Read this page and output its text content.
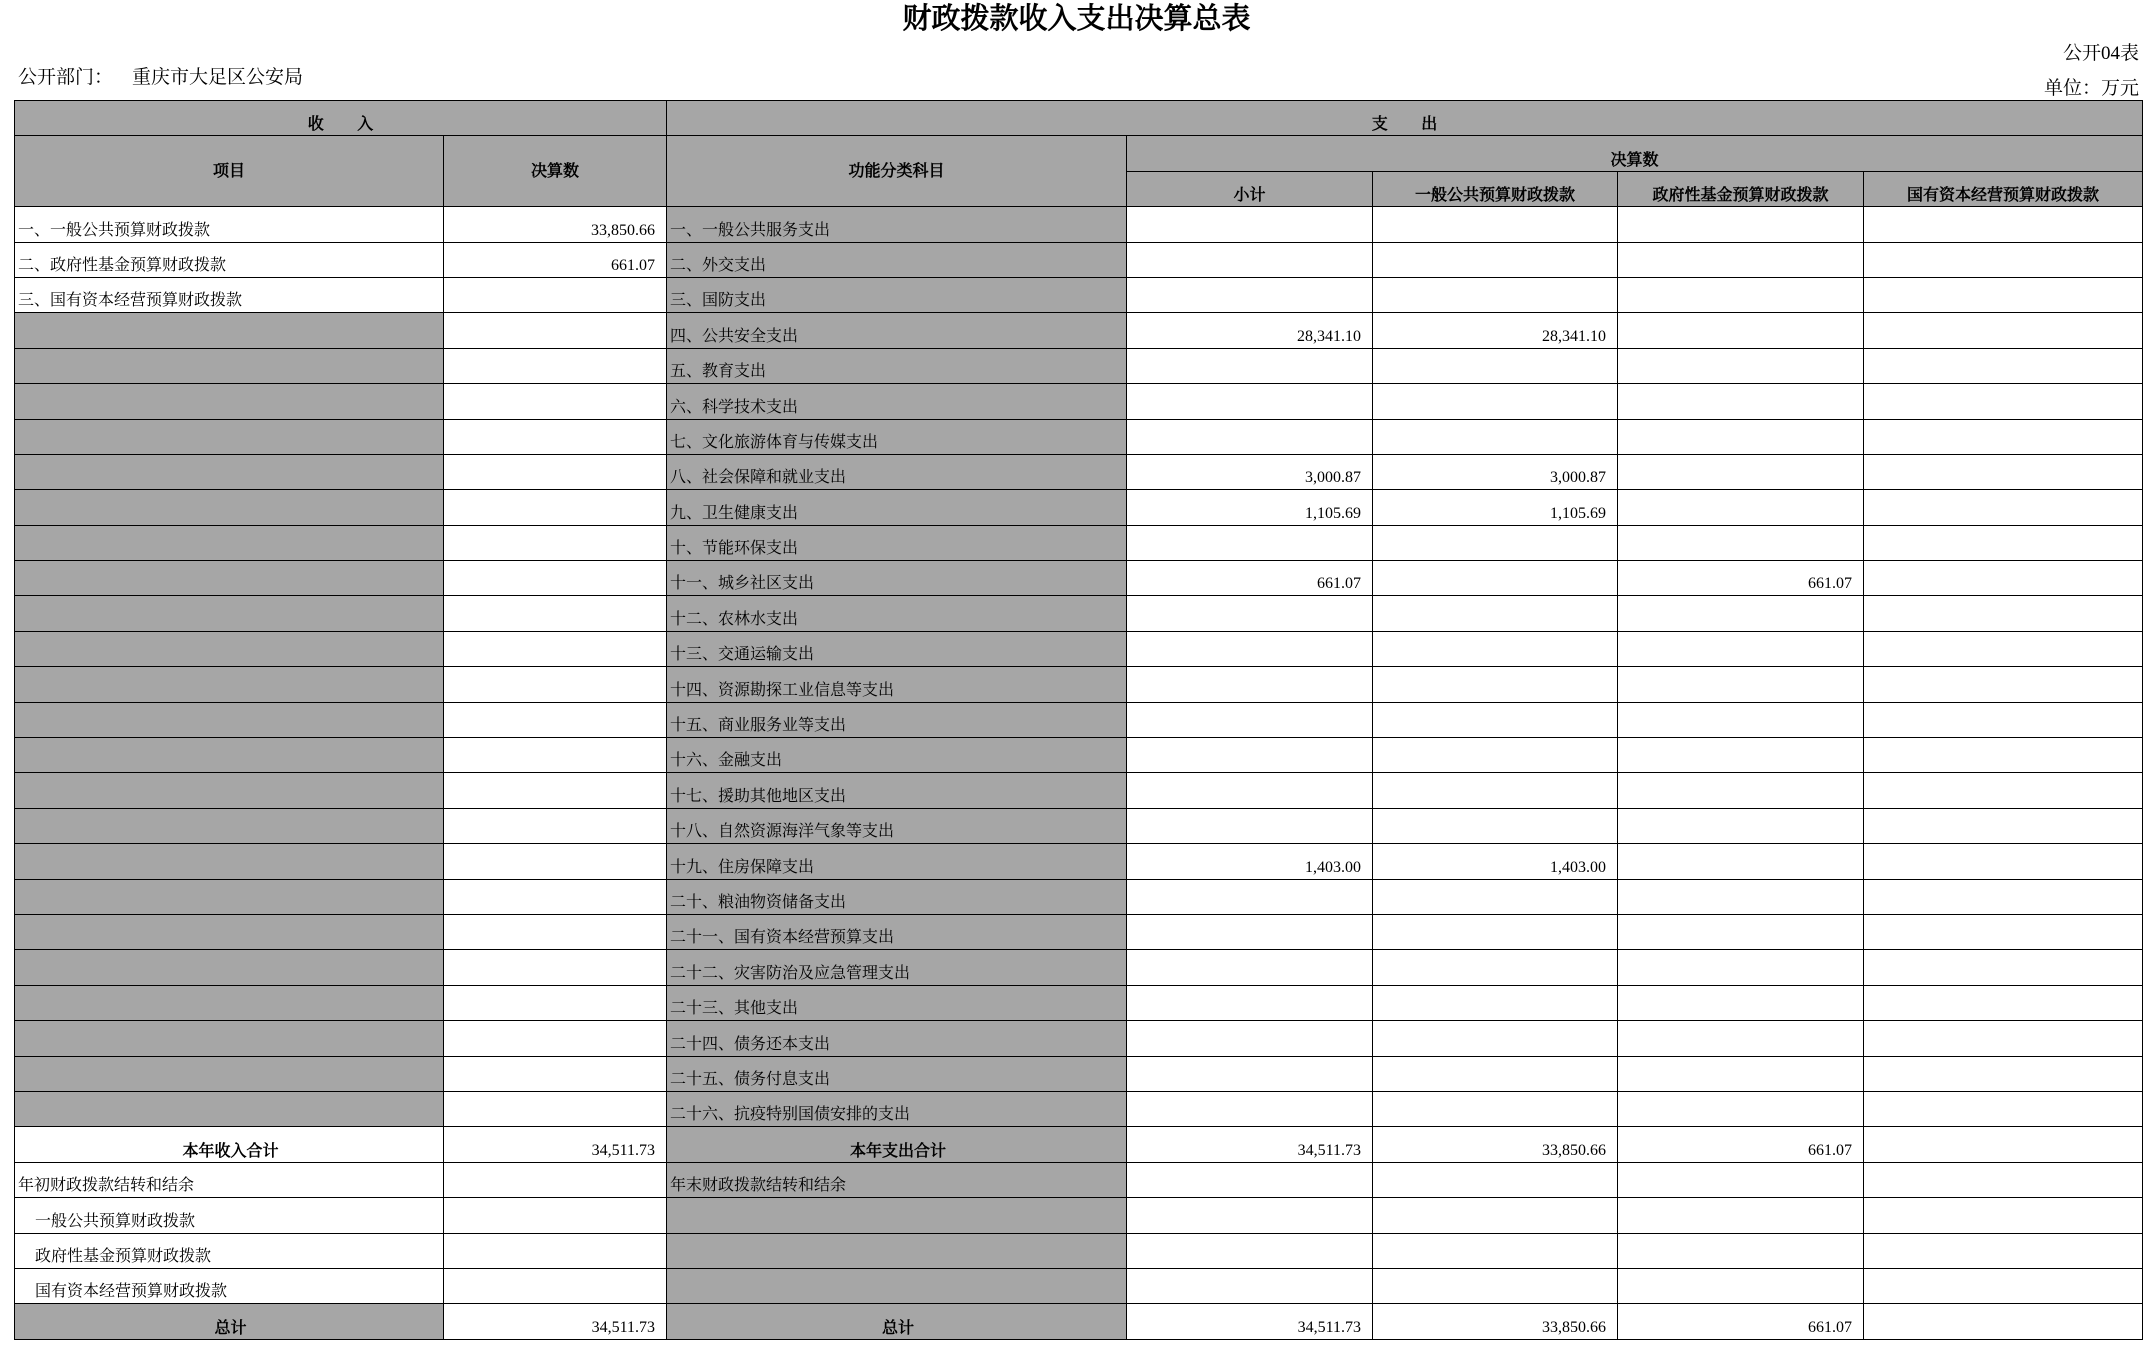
财政拨款收入支出决算总表
公开部门： 重庆市大足区公安局
公开04表
单位：万元
收      入		支      出				
项目	决算数	功能分类科目	决算数			
			小计	一般公共预算财政拨款	政府性基金预算财政拨款	国有资本经营预算财政拨款
一、一般公共预算财政拨款	33,850.66	一、一般公共服务支出				
二、政府性基金预算财政拨款	661.07	二、外交支出				
三、国有资本经营预算财政拨款		三、国防支出				
		四、公共安全支出	28,341.10	28,341.10		
		五、教育支出				
		六、科学技术支出				
		七、文化旅游体育与传媒支出				
		八、社会保障和就业支出	3,000.87	3,000.87		
		九、卫生健康支出	1,105.69	1,105.69		
		十、节能环保支出				
		十一、城乡社区支出	661.07		661.07	
		十二、农林水支出				
		十三、交通运输支出				
		十四、资源勘探工业信息等支出				
		十五、商业服务业等支出				
		十六、金融支出				
		十七、援助其他地区支出				
		十八、自然资源海洋气象等支出				
		十九、住房保障支出	1,403.00	1,403.00		
		二十、粮油物资储备支出				
		二十一、国有资本经营预算支出				
		二十二、灾害防治及应急管理支出				
		二十三、其他支出				
		二十四、债务还本支出				
		二十五、债务付息支出				
		二十六、抗疫特别国债安排的支出				
本年收入合计	34,511.73	本年支出合计	34,511.73	33,850.66	661.07	
年初财政拨款结转和结余		年末财政拨款结转和结余				
一般公共预算财政拨款						
政府性基金预算财政拨款						
国有资本经营预算财政拨款						
总计	34,511.73	总计	34,511.73	33,850.66	661.07	
